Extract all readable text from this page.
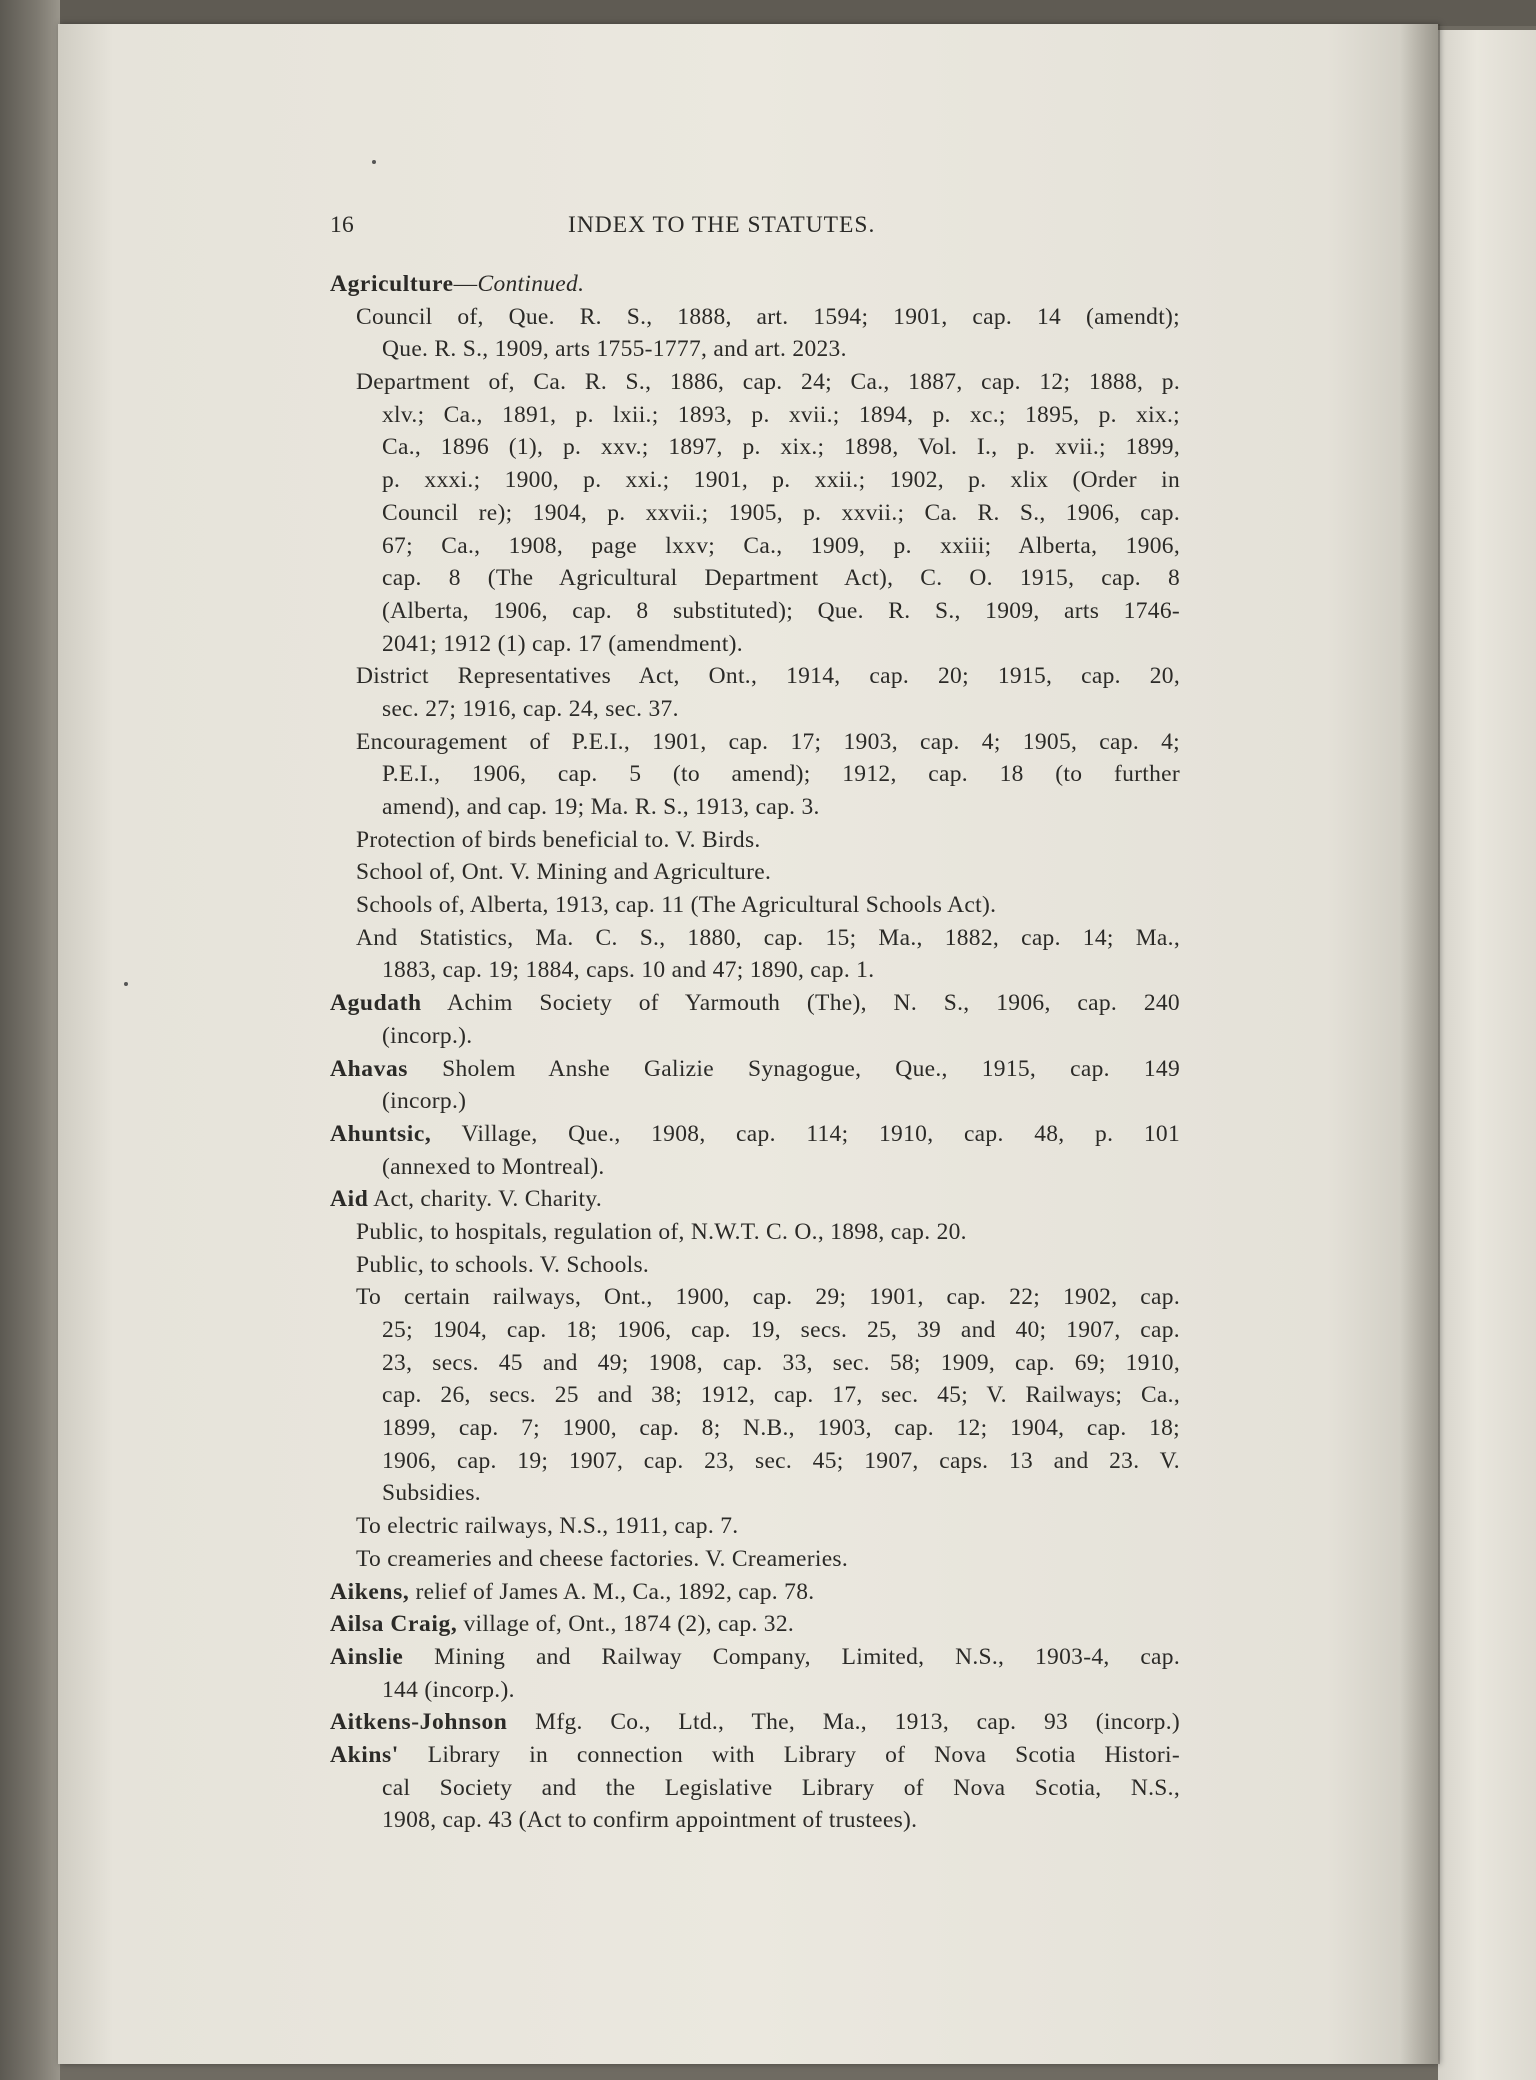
16	INDEX TO THE STATUTES.
Agriculture—Continued.
Council of, Que. R. S., 1888, art. 1594; 1901, cap. 14 (amendt);
Que. R. S., 1909, arts 1755-1777, and art. 2023.
Department of, Ca. R. S., 1886, cap. 24; Ca., 1887, cap. 12; 1888, p.
xlv.; Ca., 1891, p. lxii.; 1893, p. xvii.; 1894, p. xc.; 1895, p. xix.;
Ca., 1896 (1), p. xxv.; 1897, p. xix.; 1898, Vol. I., p. xvii.; 1899,
p. xxxi.; 1900, p. xxi.; 1901, p. xxii.; 1902, p. xlix (Order in
Council re); 1904, p. xxvii.; 1905, p. xxvii.; Ca. R. S., 1906, cap.
67; Ca., 1908, page lxxv; Ca., 1909, p. xxiii; Alberta, 1906,
cap. 8 (The Agricultural Department Act), C. O. 1915, cap. 8
(Alberta, 1906, cap. 8 substituted); Que. R. S., 1909, arts 1746-
2041; 1912 (1) cap. 17 (amendment).
District Representatives Act, Ont., 1914, cap. 20; 1915, cap. 20,
sec. 27; 1916, cap. 24, sec. 37.
Encouragement of P.E.I., 1901, cap. 17; 1903, cap. 4; 1905, cap. 4;
P.E.I., 1906, cap. 5 (to amend); 1912, cap. 18 (to further
amend), and cap. 19; Ma. R. S., 1913, cap. 3.
Protection of birds beneficial to. V. Birds.
School of, Ont. V. Mining and Agriculture.
Schools of, Alberta, 1913, cap. 11 (The Agricultural Schools Act).
And Statistics, Ma. C. S., 1880, cap. 15; Ma., 1882, cap. 14; Ma.,
1883, cap. 19; 1884, caps. 10 and 47; 1890, cap. 1.
Agudath Achim Society of Yarmouth (The), N. S., 1906, cap. 240
(incorp.).
Ahavas Sholem Anshe Galizie Synagogue, Que., 1915, cap. 149
(incorp.)
Ahuntsic, Village, Que., 1908, cap. 114; 1910, cap. 48, p. 101
(annexed to Montreal).
Aid Act, charity. V. Charity.
Public, to hospitals, regulation of, N.W.T. C. O., 1898, cap. 20.
Public, to schools. V. Schools.
To certain railways, Ont., 1900, cap. 29; 1901, cap. 22; 1902, cap.
25; 1904, cap. 18; 1906, cap. 19, secs. 25, 39 and 40; 1907, cap.
23, secs. 45 and 49; 1908, cap. 33, sec. 58; 1909, cap. 69; 1910,
cap. 26, secs. 25 and 38; 1912, cap. 17, sec. 45; V. Railways; Ca.,
1899, cap. 7; 1900, cap. 8; N.B., 1903, cap. 12; 1904, cap. 18;
1906, cap. 19; 1907, cap. 23, sec. 45; 1907, caps. 13 and 23. V.
Subsidies.
To electric railways, N.S., 1911, cap. 7.
To creameries and cheese factories. V. Creameries.
Aikens, relief of James A. M., Ca., 1892, cap. 78.
Ailsa Craig, village of, Ont., 1874 (2), cap. 32.
Ainslie Mining and Railway Company, Limited, N.S., 1903-4, cap.
144 (incorp.).
Aitkens-Johnson Mfg. Co., Ltd., The, Ma., 1913, cap. 93 (incorp.)
Akins' Library in connection with Library of Nova Scotia Histori-
cal Society and the Legislative Library of Nova Scotia, N.S.,
1908, cap. 43 (Act to confirm appointment of trustees).
